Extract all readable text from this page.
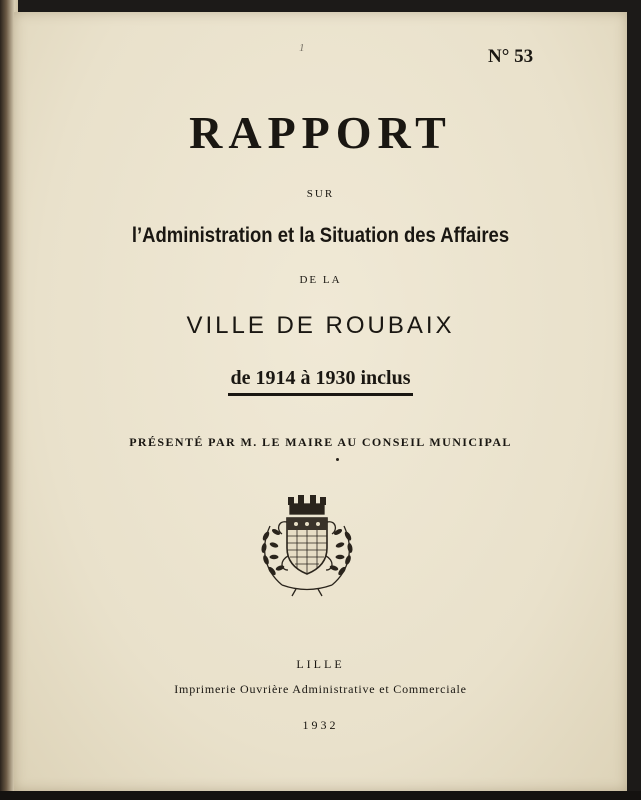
1	N° 53
RAPPORT
SUR
l’Administration et la Situation des Affaires
DE LA
VILLE DE ROUBAIX
de 1914 à 1930 inclus
PRÉSENTÉ PAR M. LE MAIRE AU CONSEIL MUNICIPAL
LILLE
Imprimerie Ouvrière Administrative et Commerciale
1932
